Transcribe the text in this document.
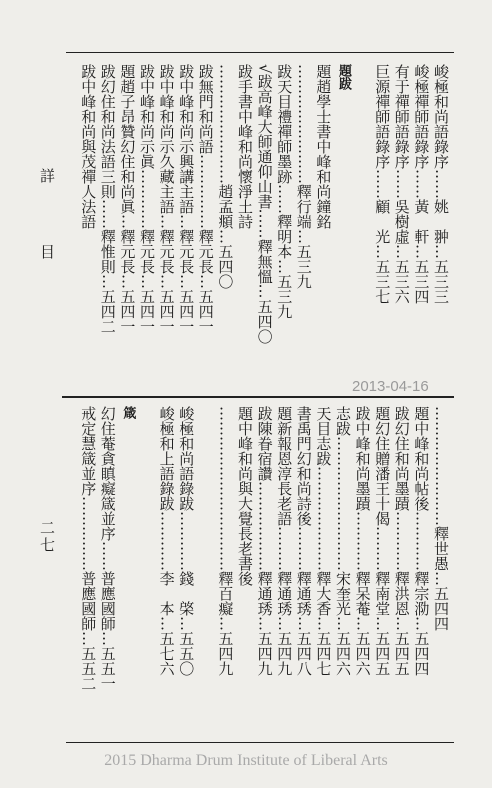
詳 目
二七
2013-04-16
峻極和尚語錄序……姚　翀…五三三
峻極禪師語錄序……黃　軒…五三四
有于禪師語錄序……吳樹虛…五三六
巨源禪師語錄序……顧　光…五三七
題跋
題趙學士書中峰和尚鐘銘
……………………釋行端…五三九
跋天目禮禪師墨跡……釋明本…五三九
√跋高峰大師通仰山書……釋無慍…五四〇
跋手書中峰和尚懷淨土詩
……………………趙孟頫…五四〇
跋無門和尚語……………釋元長…五四一
跋中峰和尚示興講主語…釋元長…五四一
跋中峰和尚示久藏主語…釋元長…五四一
跋中峰和尚示眞…………釋元長…五四一
題趙子昂贊幻住和尚眞…釋元長…五四一
跋幻住和尚法語三則……釋惟則…五四二
跋中峰和尚與茂禪人法語
……………………釋世愚…五四四
題中峰和尚帖後…………釋宗泐…五四四
跋幻住和尚墨蹟…………釋洪恩…五四五
題幻住贈潘王十偈………釋南堂…五四五
跋中峰和尚墨蹟…………釋呆菴…五四六
志跋………………………宋奎光…五四六
天目志跋…………………釋大香…五四七
書禹門幻和尚詩後………釋通琇…五四八
題新報恩淳長老語………釋通琇…五四九
跋陳眷宿讚………………釋通琇…五四九
題中峰和尚與大覺長老書後
……………………………釋百癡…五四九
峻極和尚語錄跋…………錢　棨…五五〇
峻極和上語錄跋…………李　本…五七六
箴
幻住菴貪瞋癡箴並序……普應國師…五五一
戒定慧箴並序……………普應國師…五五二
2015 Dharma Drum Institute of Liberal Arts
